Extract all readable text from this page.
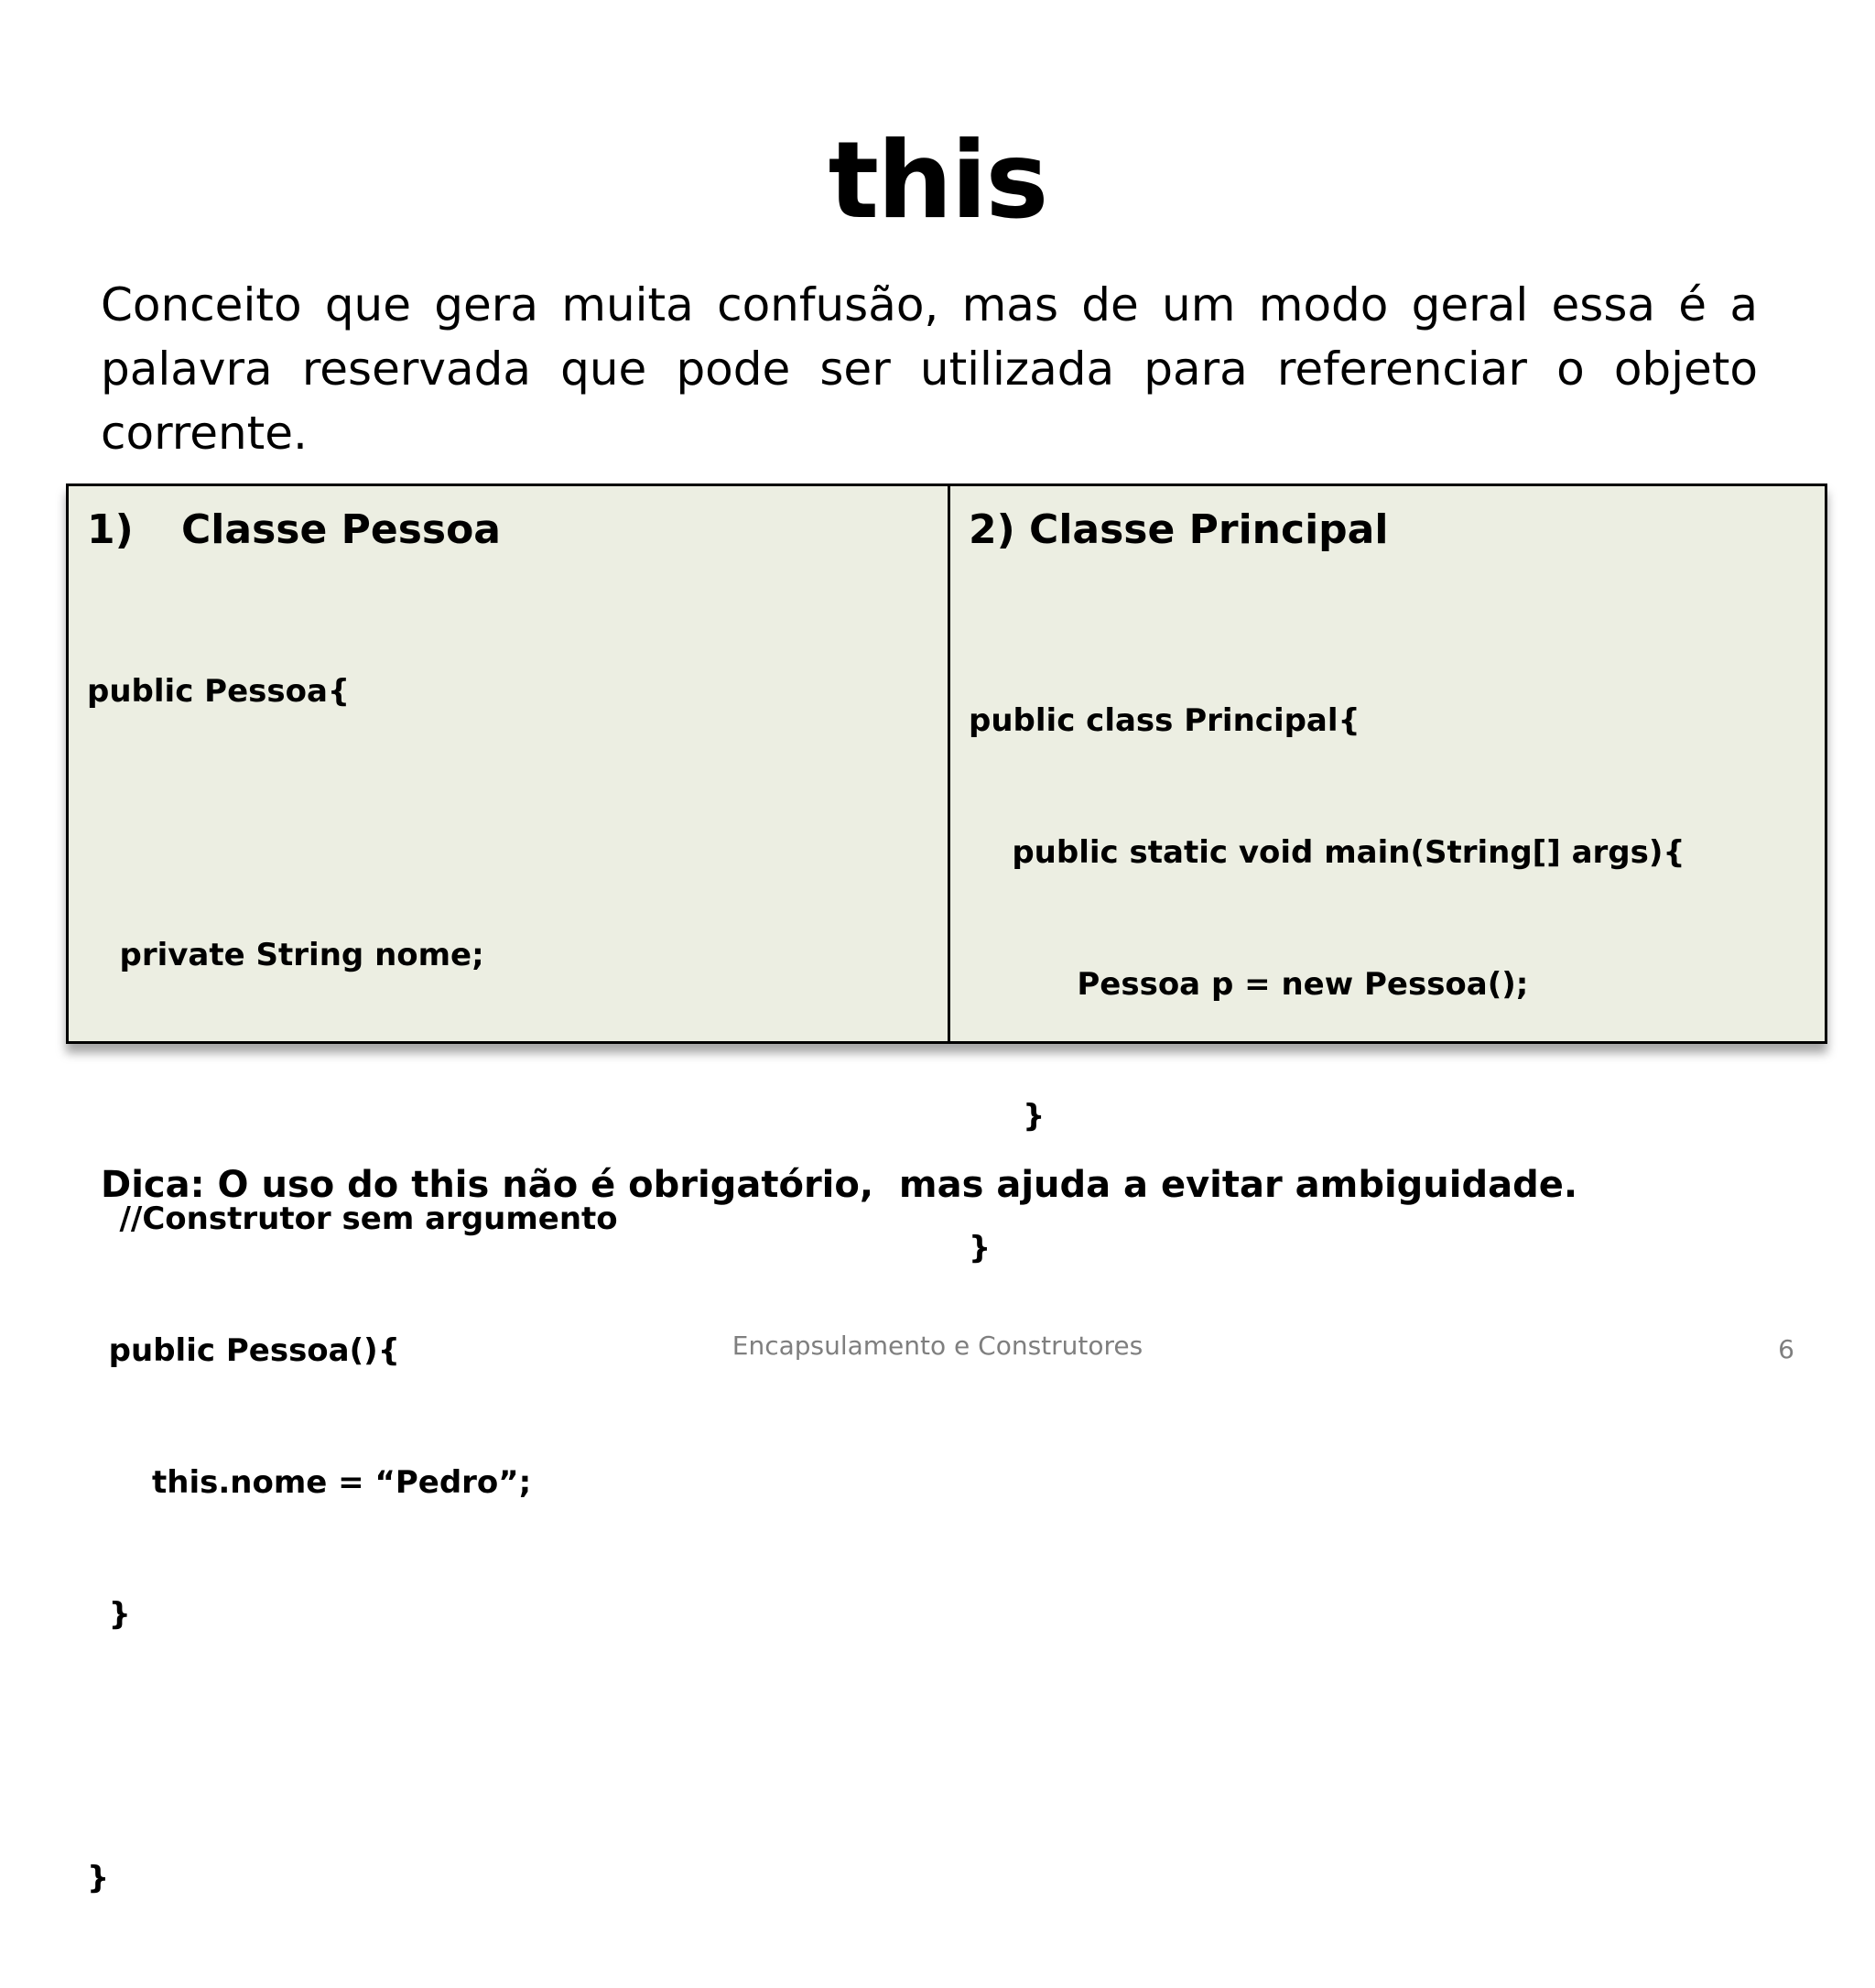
this
Conceito que gera muita confusão, mas de um modo geral essa é a palavra reservada que pode ser utilizada para referenciar o objeto corrente.
1) Classe Pessoa

public Pessoa{

private String nome;

//Construtor sem argumento

public Pessoa(){

this.nome = “Pedro”;

}

}

2) Classe Principal

public class Principal{

public static void main(String[] args){

Pessoa p = new Pessoa();

}

}

Dica: O uso do this não é obrigatório,  mas ajuda a evitar ambiguidade.
Encapsulamento e Construtores	6
